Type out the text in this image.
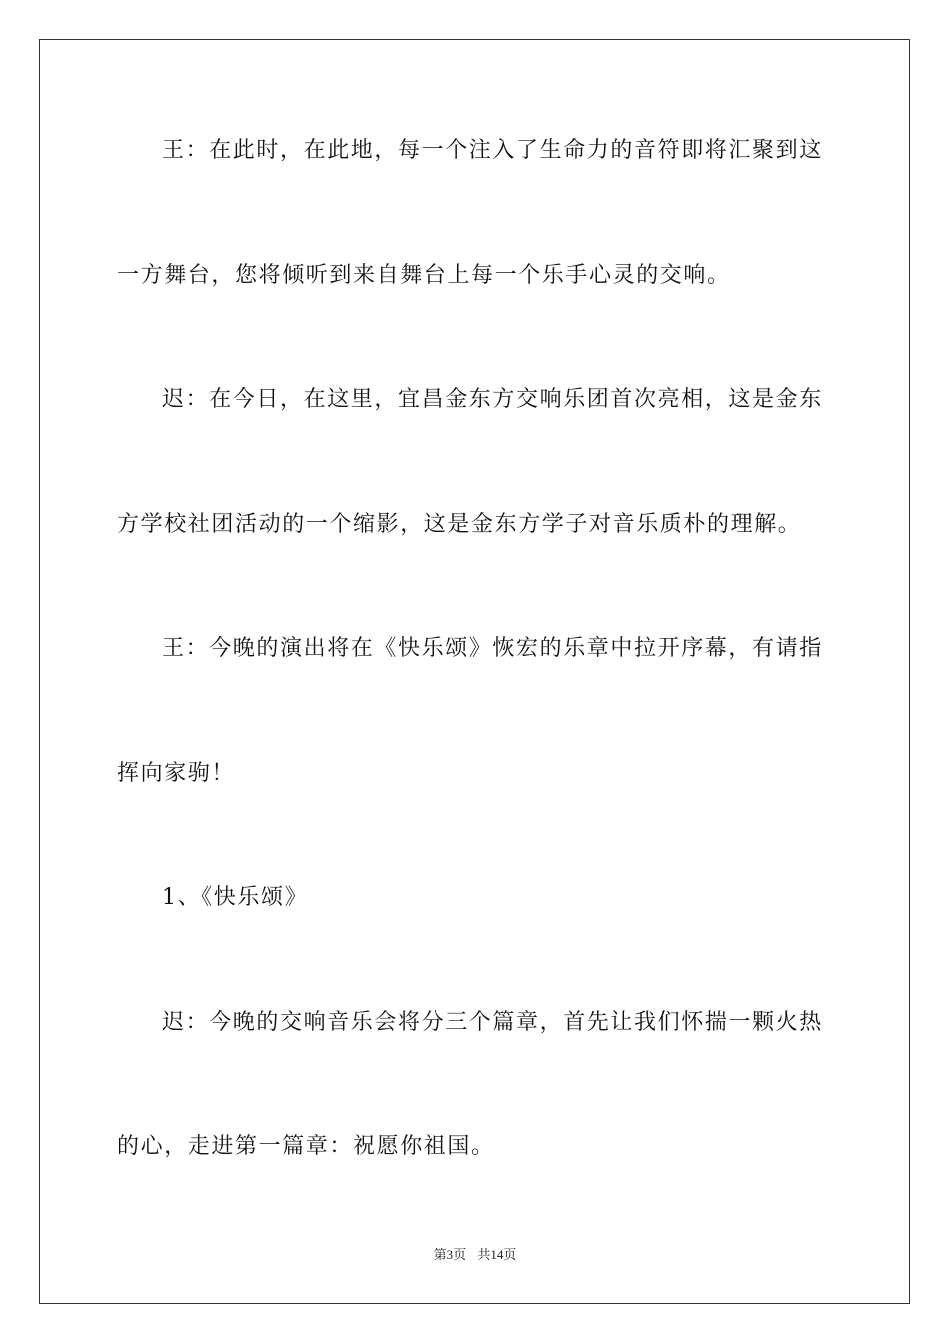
王：在此时，在此地，每一个注入了生命力的音符即将汇聚到这
一方舞台，您将倾听到来自舞台上每一个乐手心灵的交响。
迟：在今日，在这里，宜昌金东方交响乐团首次亮相，这是金东
方学校社团活动的一个缩影，这是金东方学子对音乐质朴的理解。
王：今晚的演出将在《快乐颂》恢宏的乐章中拉开序幕，有请指
挥向家驹！
1、《快乐颂》
迟：今晚的交响音乐会将分三个篇章，首先让我们怀揣一颗火热
的心，走进第一篇章：祝愿你祖国。
第3页 共14页
